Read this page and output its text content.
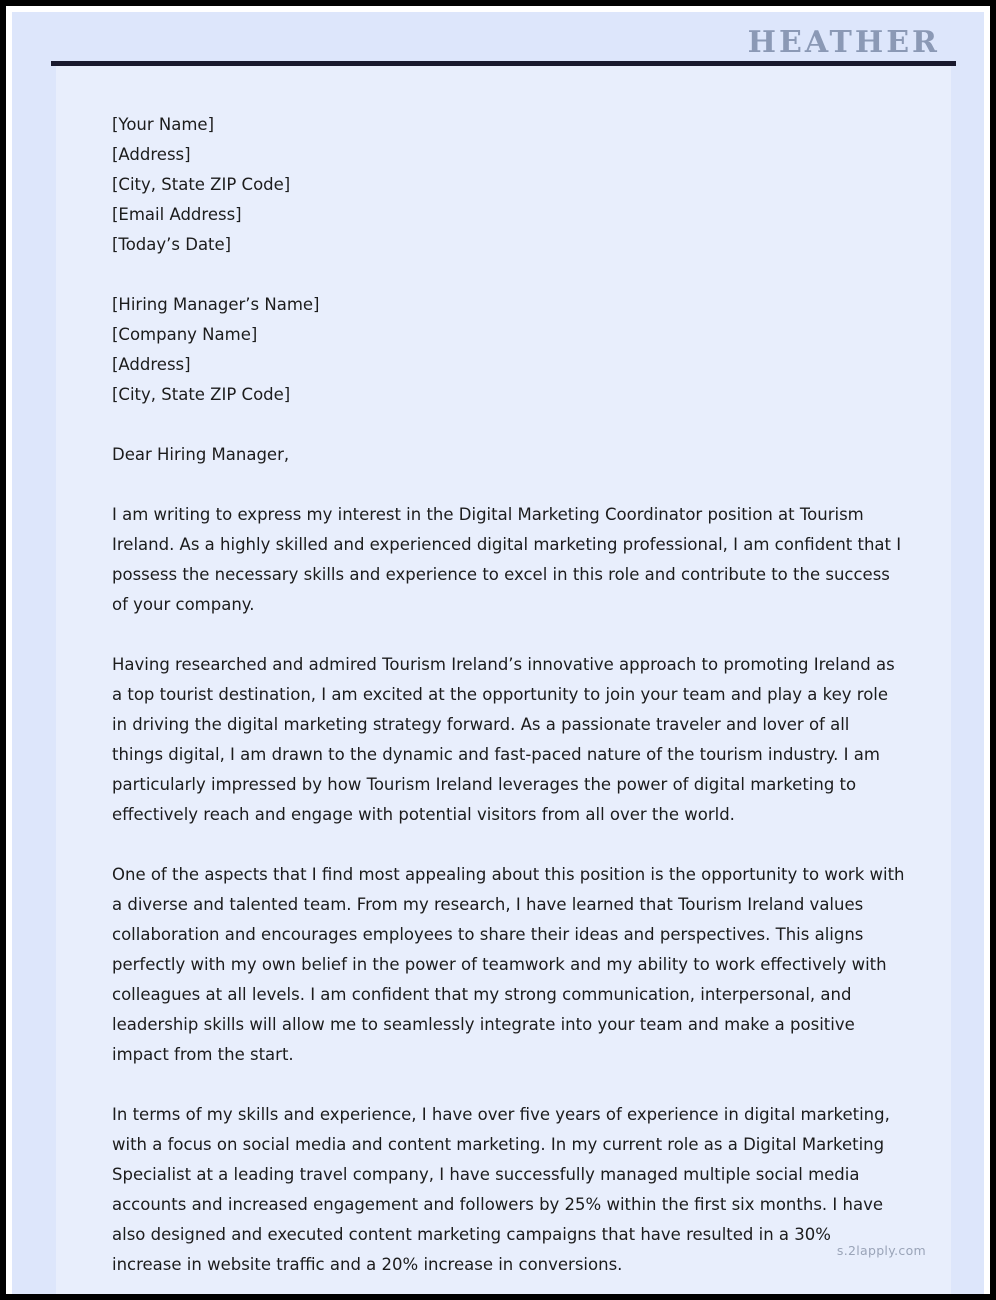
HEATHER
[Your Name]
[Address]
[City, State ZIP Code]
[Email Address]
[Today’s Date]
[Hiring Manager’s Name]
[Company Name]
[Address]
[City, State ZIP Code]

Dear Hiring Manager,

I am writing to express my interest in the Digital Marketing Coordinator position at Tourism Ireland. As a highly skilled and experienced digital marketing professional, I am confident that I possess the necessary skills and experience to excel in this role and contribute to the success of your company.

Having researched and admired Tourism Ireland’s innovative approach to promoting Ireland as a top tourist destination, I am excited at the opportunity to join your team and play a key role in driving the digital marketing strategy forward. As a passionate traveler and lover of all things digital, I am drawn to the dynamic and fast-paced nature of the tourism industry. I am particularly impressed by how Tourism Ireland leverages the power of digital marketing to effectively reach and engage with potential visitors from all over the world.

One of the aspects that I find most appealing about this position is the opportunity to work with a diverse and talented team. From my research, I have learned that Tourism Ireland values collaboration and encourages employees to share their ideas and perspectives. This aligns perfectly with my own belief in the power of teamwork and my ability to work effectively with colleagues at all levels. I am confident that my strong communication, interpersonal, and leadership skills will allow me to seamlessly integrate into your team and make a positive impact from the start.

In terms of my skills and experience, I have over five years of experience in digital marketing, with a focus on social media and content marketing. In my current role as a Digital Marketing Specialist at a leading travel company, I have successfully managed multiple social media accounts and increased engagement and followers by 25% within the first six months. I have also designed and executed content marketing campaigns that have resulted in a 30% increase in website traffic and a 20% increase in conversions.

s.2lapply.com
